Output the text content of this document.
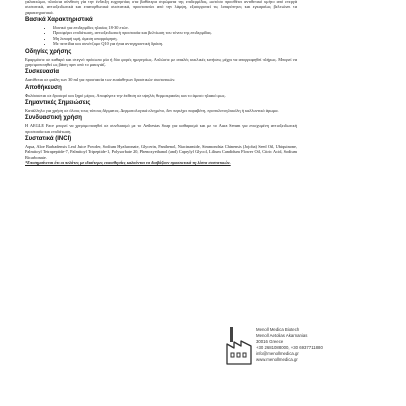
γαλακτώμα, πλούσια σύνθεση γία την ένδειξη ευχρηστίας στα βαθύτερα στρώματα της επιδερμίδας, ωστόσο προσθέτει αντιθετικό υμήτο από ενεργά συστατικά, αντιοξειδωτικά και επανορθωτικά συστατικά, προστατεύει από την λάμψη, εξισορροπεί τις λιπαρότητες και εγκαρσίως βελτιώνει τα χαρακτηριστικά.

Βασικά Χαρακτηριστικά
• Ιδανικό για επιδερμίδες ηλικίας 18-30 ετών.
• Προσφέρει ενυδάτωση, αντιοξειδωτική προστασία και βελτίωση του τόνου της επιδερμίδας.
• Μη λιπαρή υφή, άμεση απορρόφηση.
• Με πεπτίδια και συνένζυμο Q10 για ήπια αντιγηραντική δράση.
Οδηγίες χρήσης

Εφαρμόστε σε καθαρό και στεγνό πρόσωπο μία ή δύο φορές ημερησίως. Απλώστε με απαλές κυκλικές κινήσεις μέχρι να απορροφηθεί πλήρως. Μπορεί να χρησιμοποιηθεί ως βάση πριν από το μακιγιάζ.

Συσκευασία

Διατίθεται σε φιάλη των 30 ml για προστασία των ευαίσθητων δραστικών συστατικών.

Αποθήκευση

Φυλάσσεται σε δροσερό και ξηρό μέρος. Αποφύγετε την έκθεση σε υψηλές θερμοκρασίες και το άμεσο ηλιακό φως.

Σημαντικές Σημειώσεις

Κατάλληλο για χρήση σε όλους τους τύπους δέρματος. Δερματολογικά ελεγμένο, δεν περιέχει παραβένη, προπυλενογλυκόλη ή καλλυντικό άρωμα.

Συνδυαστική χρήση

Η AEGLE Face μπορεί να χρησιμοποιηθεί σε συνδυασμό με το Aethestas Soap για καθαρισμό και με το Aura Serum για ενισχυμένη αντιοξειδωτική προστασία και ενυδάτωση.

Συστατικά (INCI)

Aqua, Aloe Barbadensis Leaf Juice Powder, Sodium Hyaluronate, Glycerin, Panthenol, Niacinamide, Simmondsia Chinensis (Jojoba) Seed Oil, Ubiquinone, Palmitoyl Tetrapeptide-7, Palmitoyl Tripeptide-1, Polysorbate 20, Phenoxyethanol (and) Caprylyl Glycol, Lilium Candidum Flower Oil, Citric Acid, Sodium Bicarbonate.

*Επισημαίνεται ότι οι πελάτες με ιδιαίτερες ευαισθησίες καλούνται να διαβάζουν προσεκτικά τη λίστα συστατικών.

Menoll Medica Biotech
Menoll Aetolias Akarnanias
30016 Greece
+30 2681088000, +30 6937711880
info@menollmedica.gr
www.menollmedica.gr
